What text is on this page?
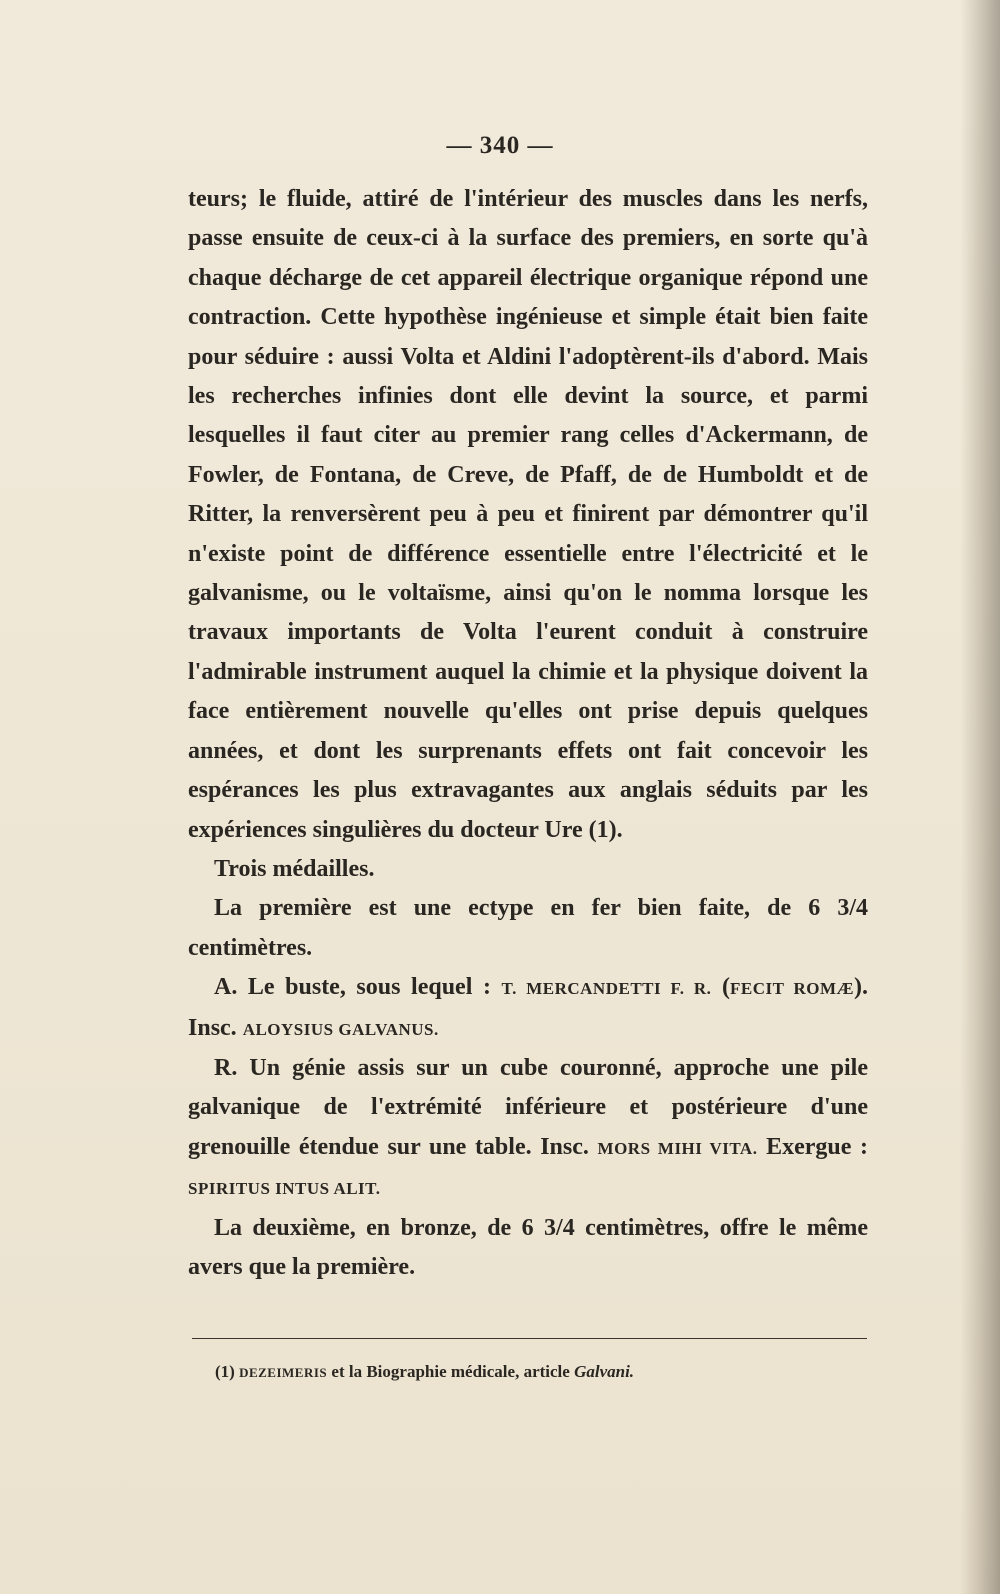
— 340 —

teurs; le fluide, attiré de l'intérieur des muscles dans les nerfs, passe ensuite de ceux-ci à la surface des premiers, en sorte qu'à chaque décharge de cet appareil électrique organique répond une contraction. Cette hypothèse ingénieuse et simple était bien faite pour séduire : aussi Volta et Aldini l'adoptèrent-ils d'abord. Mais les recherches infinies dont elle devint la source, et parmi lesquelles il faut citer au premier rang celles d'Ackermann, de Fowler, de Fontana, de Creve, de Pfaff, de de Humboldt et de Ritter, la renversèrent peu à peu et finirent par démontrer qu'il n'existe point de différence essentielle entre l'électricité et le galvanisme, ou le voltaïsme, ainsi qu'on le nomma lorsque les travaux importants de Volta l'eurent conduit à construire l'admirable instrument auquel la chimie et la physique doivent la face entièrement nouvelle qu'elles ont prise depuis quelques années, et dont les surprenants effets ont fait concevoir les espérances les plus extravagantes aux anglais séduits par les expériences singulières du docteur Ure (1).

Trois médailles.

La première est une ectype en fer bien faite, de 6 3/4 centimètres.

A. Le buste, sous lequel : T. MERCANDETTI F. R. (FECIT ROMÆ). Insc. ALOYSIUS GALVANUS.

R. Un génie assis sur un cube couronné, approche une pile galvanique de l'extrémité inférieure et postérieure d'une grenouille étendue sur une table. Insc. MORS MIHI VITA. Exergue : SPIRITUS INTUS ALIT.

La deuxième, en bronze, de 6 3/4 centimètres, offre le même avers que la première.

(1) DEZEIMERIS et la Biographie médicale, article Galvani.
